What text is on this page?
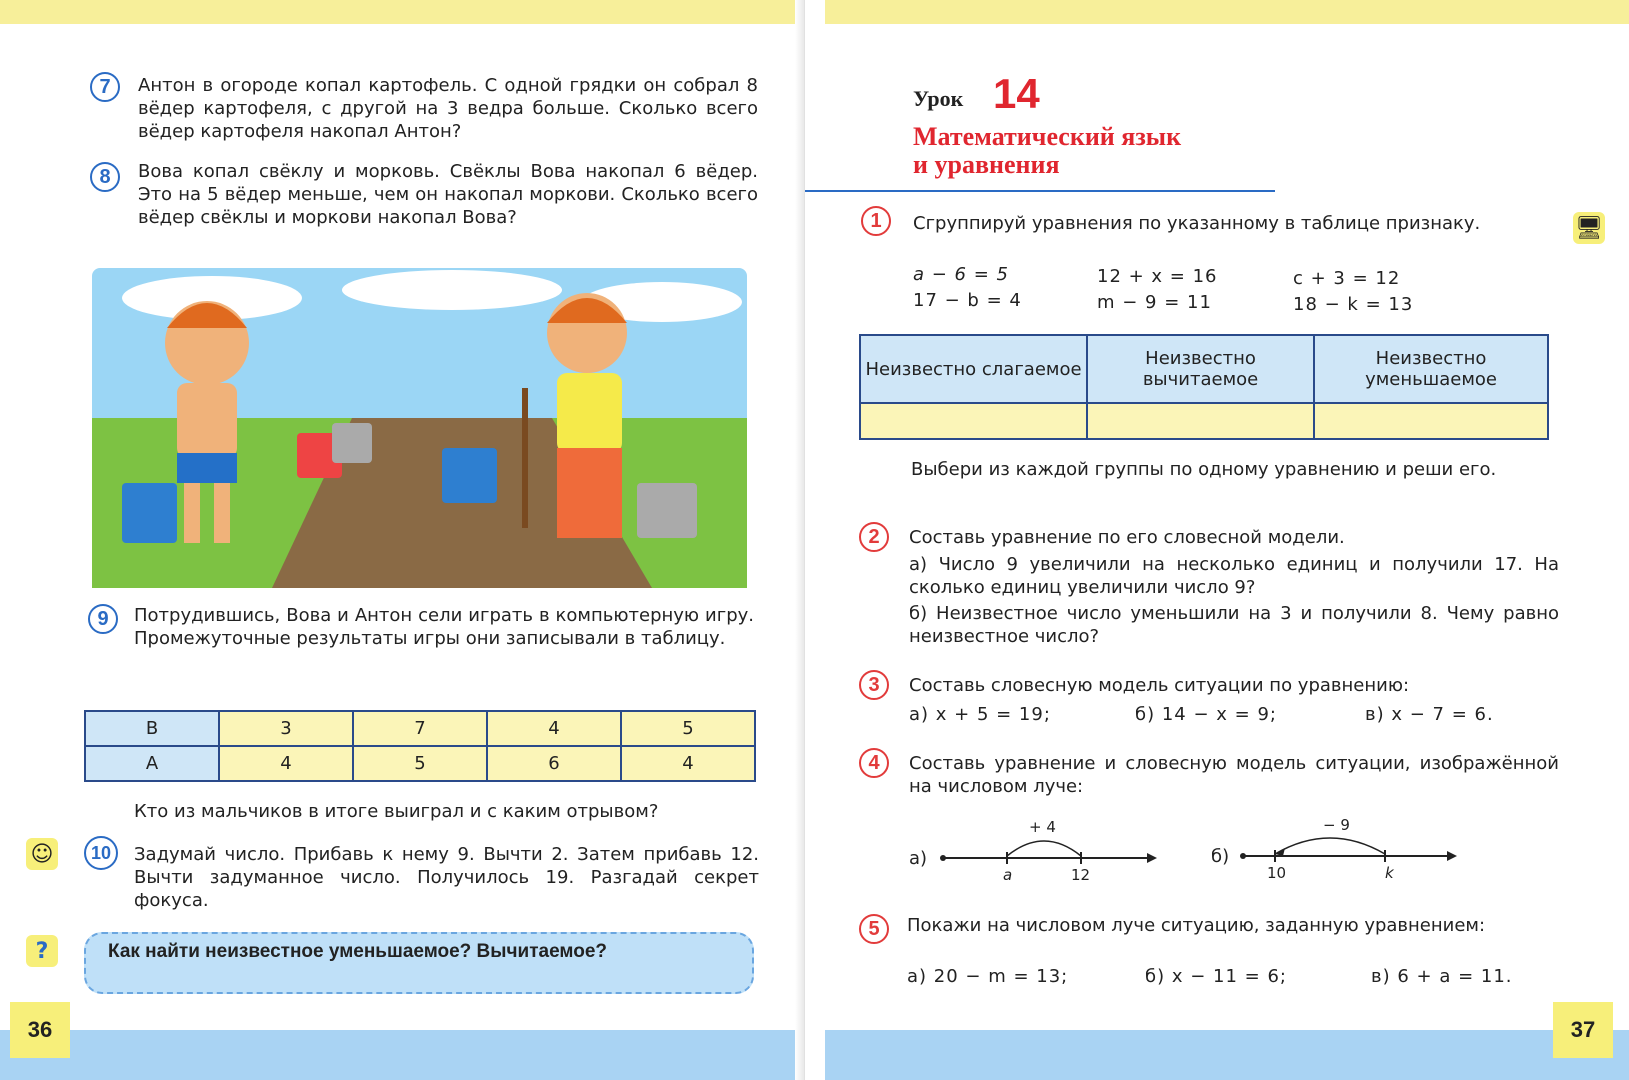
7	Антон в огороде копал картофель. С одной грядки он собрал 8 вёдер картофеля, с другой на 3 ведра больше. Сколько всего вёдер картофеля накопал Антон?
8	Вова копал свёклу и морковь. Свёклы Вова накопал 6 вёдер. Это на 5 вёдер меньше, чем он накопал моркови. Сколько всего вёдер свёклы и моркови накопал Вова?
9	Потрудившись, Вова и Антон сели играть в компьютерную игру. Промежуточные результаты игры они записывали в таблицу.
В	3	7	4	5
А	4	5	6	4
Кто из мальчиков в итоге выиграл и с каким отрывом?
☺	10	Задумай число. Прибавь к нему 9. Вычти 2. Затем прибавь 12. Вычти задуманное число. Получилось 19. Разгадай секрет фокуса.
?	Как найти неизвестное уменьшаемое? Вычитаемое?
36
Урок 14
Математический язык
и уравнения
🖥
1	Сгруппируй уравнения по указанному в таблице признаку.
a − 6 = 5	12 + x = 16	c + 3 = 12
17 − b = 4	m − 9 = 11	18 − k = 13
Неизвестно слагаемое	Неизвестно вычитаемое	Неизвестно уменьшаемое

Выбери из каждой группы по одному уравнению и реши его.
2	Составь уравнение по его словесной модели.
а) Число 9 увеличили на несколько единиц и получили 17. На сколько единиц увеличили число 9?
б) Неизвестное число уменьшили на 3 и получили 8. Чему равно неизвестное число?
3	Составь словесную модель ситуации по уравнению:
а) x + 5 = 19;	б) 14 − x = 9;	в) x − 7 = 6.
4	Составь уравнение и словесную модель ситуации, изображённой на числовом луче:
а)
+ 4
a	12
б)
− 9
10	k
5	Покажи на числовом луче ситуацию, заданную уравнением:
а) 20 − m = 13;	б) x − 11 = 6;	в) 6 + a = 11.
37
